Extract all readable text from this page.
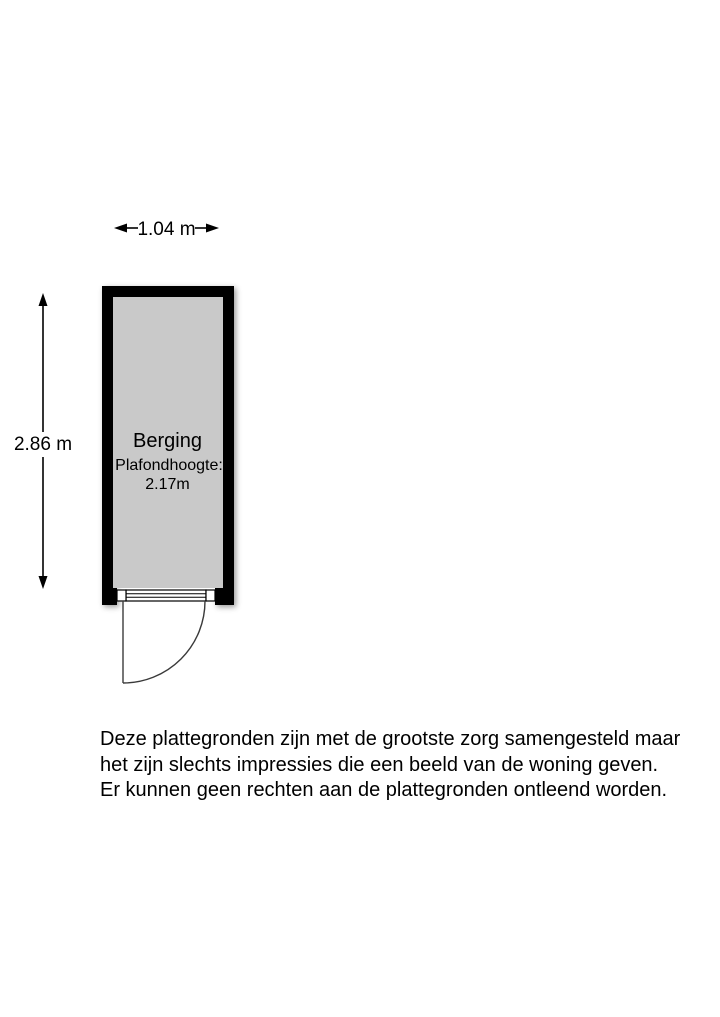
1.04 m
2.86 m	Berging
Plafondhoogte:
2.17m
Deze plattegronden zijn met de grootste zorg samengesteld maar
het zijn slechts impressies die een beeld van de woning geven.
Er kunnen geen rechten aan de plattegronden ontleend worden.
